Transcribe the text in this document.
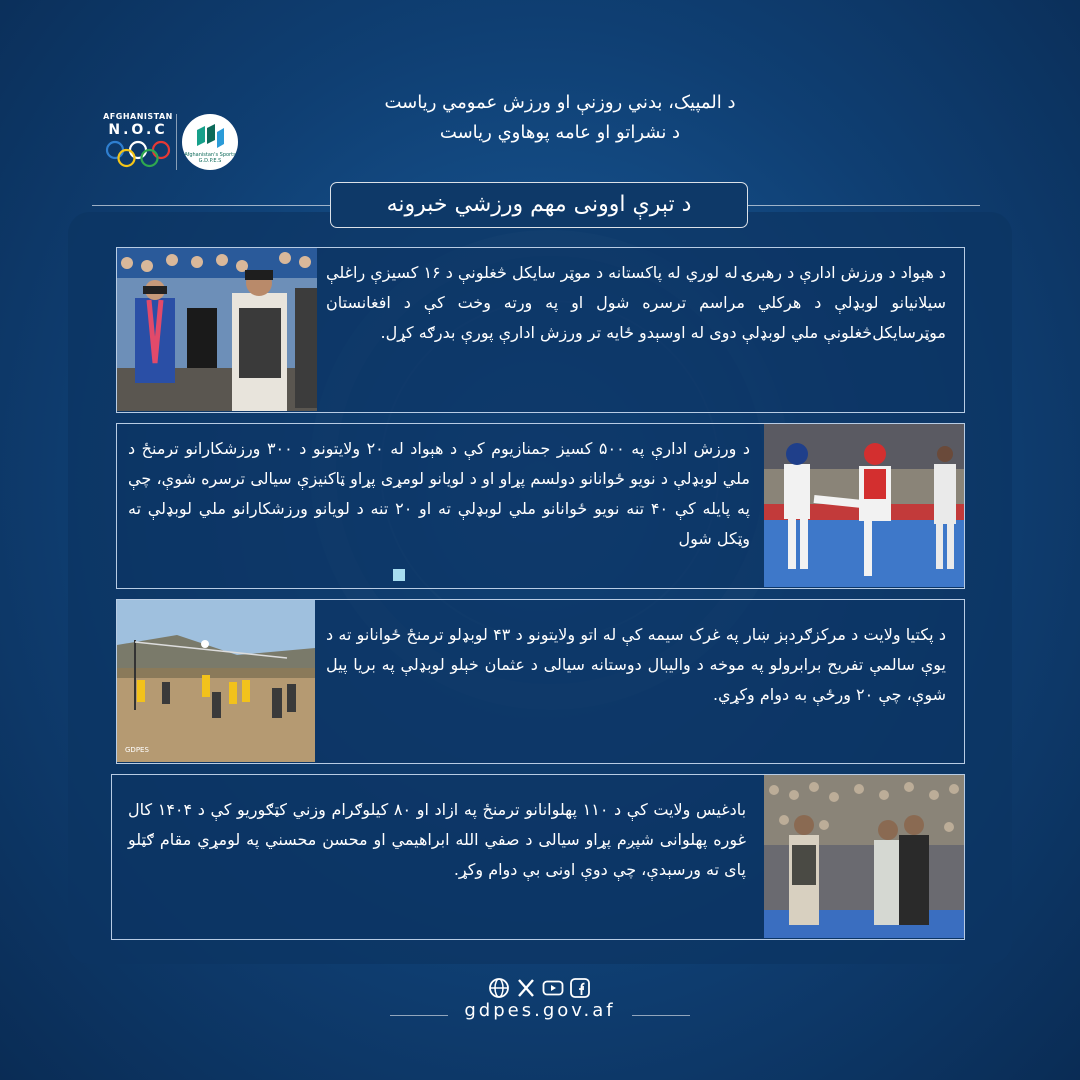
AFGHANISTAN
N.O.C
Afghanistan's Sports
G.D.P.E.S
د المپیک، بدني روزنې او ورزش عمومي رياست
د نشراتو او عامه پوهاوي رياست
د تېرې اوونی مهم ورزشي خبرونه
د هېواد د ورزش ادارې د رهبرۍ له لوري له پاکستانه د موټر سایکل څغلونې د ۱۶ کسیزې راغلې سیلانیانو لوبډلې د هرکلي مراسم ترسره شول او په ورته وخت کې د افغانستان موټرسایکل‌څغلونې ملي لوبډلې دوی له اوسېدو ځایه تر ورزش ادارې پورې بدرګه کړل.
د ورزش ادارې په ۵۰۰ کسیز جمنازیوم کې د هېواد له ۲۰ ولایتونو د ۳۰۰ ورزشکارانو ترمنځ د ملي لوبډلې د نویو ځوانانو دولسم پړاو او د لویانو لومړی پړاو ټاکنیزې سیالی ترسره شوې، چې په پایله کې ۴۰ تنه نویو ځوانانو ملي لوبډلې ته او ۲۰ تنه د لویانو ورزشکارانو ملي لوبډلې ته وټکل شول
GDPES
د پکتیا ولایت د مرکزګردېز ښار په غرک سیمه کې له اتو ولایتونو د ۴۳ لوبډلو ترمنځ ځوانانو ته د یوې سالمې تفریح برابرولو په موخه د والیبال دوستانه سیالی د عثمان خېلو لوبډلې په بریا پیل شوې، چې ۲۰ ورځې به دوام وکړي.
بادغیس ولایت کې د ۱۱۰ پهلوانانو ترمنځ په ازاد او ۸۰ کیلوګرام وزني کټګوریو کې د ۱۴۰۴ کال غوره پهلوانی شپږم پړاو سیالی د صفي الله ابراهیمي او محسن محسني په لومړي مقام ګټلو پای ته ورسېدې، چې دوې اونی بې دوام وکړ.
gdpes.gov.af
